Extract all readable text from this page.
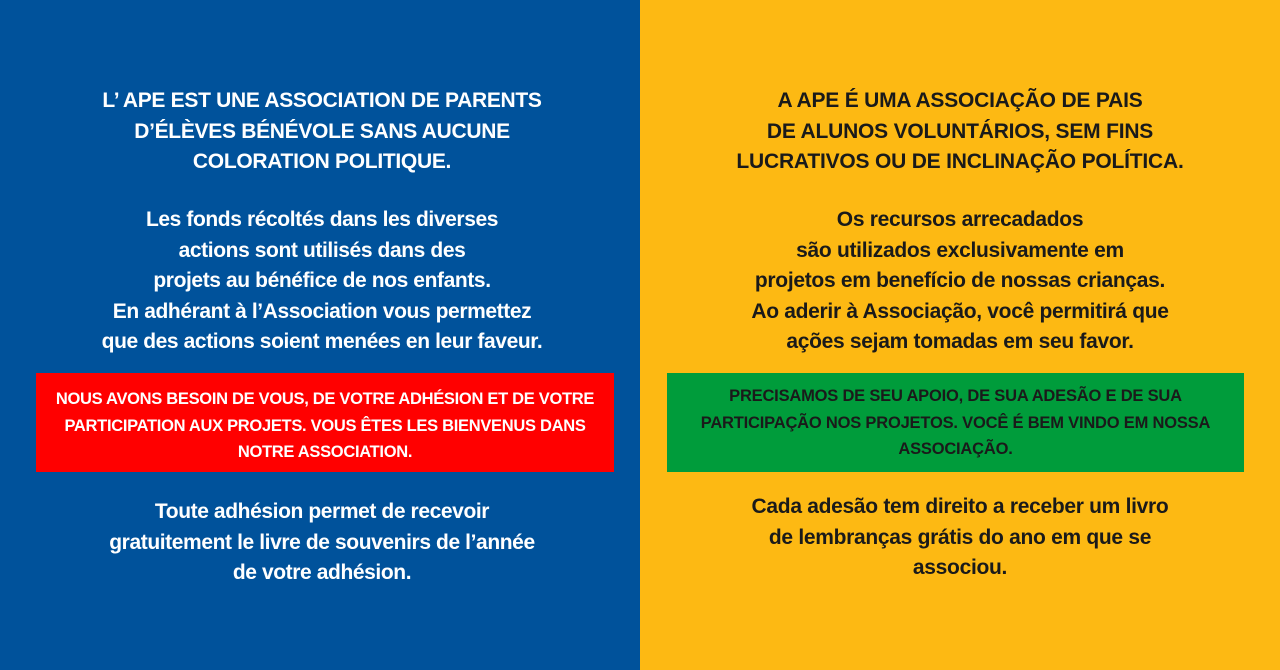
L’ APE EST UNE ASSOCIATION DE PARENTS
D’ÉLÈVES BÉNÉVOLE SANS AUCUNE
COLORATION POLITIQUE.
Les fonds récoltés dans les diverses
actions sont utilisés dans des
projets au bénéfice de nos enfants.
En adhérant à l’Association vous permettez
que des actions soient menées en leur faveur.
NOUS AVONS BESOIN DE VOUS, DE VOTRE ADHÉSION ET DE VOTRE PARTICIPATION AUX PROJETS. VOUS ÊTES LES BIENVENUS DANS NOTRE ASSOCIATION.
Toute adhésion permet de recevoir
gratuitement le livre de souvenirs de l’année
de votre adhésion.
A APE É UMA ASSOCIAÇÃO DE PAIS
DE ALUNOS VOLUNTÁRIOS, SEM FINS
LUCRATIVOS OU DE INCLINAÇÃO POLÍTICA.
Os recursos arrecadados
são utilizados exclusivamente em
projetos em benefício de nossas crianças.
Ao aderir à Associação, você permitirá que
ações sejam tomadas em seu favor.
PRECISAMOS DE SEU APOIO, DE SUA ADESÃO E DE SUA PARTICIPAÇÃO NOS PROJETOS. VOCÊ É BEM VINDO EM NOSSA ASSOCIAÇÃO.
Cada adesão tem direito a receber um livro
de lembranças grátis do ano em que se
associou.
